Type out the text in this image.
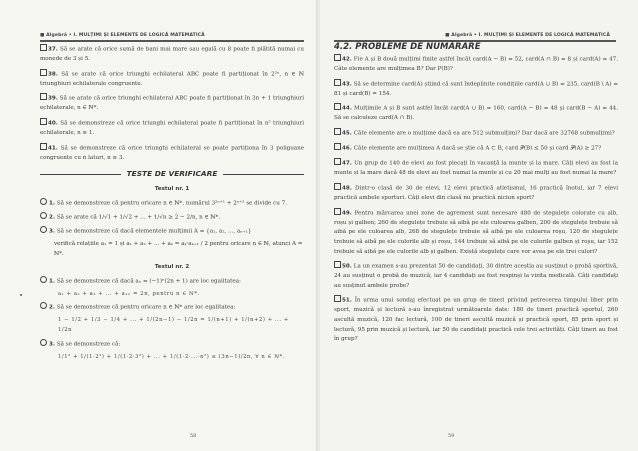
■ Algebră • I. MULȚIMI ȘI ELEMENTE DE LOGICĂ MATEMATICĂ

37. Să se arate că orice sumă de bani mai mare sau egală cu 8 poate fi plătită numai cu monede de 3 și 5.

38. Să se arate că orice triunghi echilateral ABC poate fi partiționat în 2²ⁿ, n ∈ ℕ triunghiuri echilaterale congruente.

39. Să se arate că orice triunghi echilateral ABC poate fi partiționat în 3n + 1 triunghiuri echilaterale, n ∈ ℕ*.

40. Să se demonstreze că orice triunghi echilateral poate fi partiționat în n² triunghiuri echilaterale, n ≥ 1.

41. Să se demonstreze că orice triunghi echilateral se poate partiționa în 3 poligoane congruente cu n laturi, n ≥ 3.

TESTE DE VERIFICARE
Testul nr. 1

1. Să se demonstreze că pentru oricare n ∈ ℕ*, numărul 3²ⁿ⁺¹ + 2ⁿ⁺² se divide cu 7.

2. Să se arate că 1/√1 + 1/√2 + ... + 1/√n ≥ 2 − 2/n, n ∈ ℕ*.

3. Să se demonstreze că dacă elementele mulțimii A = {a₁, a₂, ..., aₙ₊₁}

verifică relațiile a₁ = 1 și a₁ + a₂ + ... + aₖ = aₖ·aₖ₊₁ / 2 pentru oricare n ∈ ℕ, atunci A = ℕ*.

Testul nr. 2

1. Să se demonstreze că dacă aₙ = (−1)ⁿ(2n + 1) are loc egalitatea:

a₁ + a₂ + a₃ + ... + a₂ₙ = 2n, pentru n ∈ ℕ*.

2. Să se demonstreze că pentru oricare n ∈ ℕ* are loc egalitatea:

1 − 1/2 + 1/3 − 1/4 + ... + 1/(2n−1) − 1/2n = 1/(n+1) + 1/(n+2) + ... + 1/2n

3. Să se demonstreze că:

1/1² + 1/(1·2²) + 1/(1·2·3²) + ... + 1/(1·2·...·n²) ≤ (3n−1)/2n, ∀ n ∈ ℕ*.

58
■ Algebră • I. MULȚIMI ȘI ELEMENTE DE LOGICĂ MATEMATICĂ
4.2. PROBLEME DE NUMĂRARE

42. Fie A și B două mulțimi finite astfel încât card(A − B) = 52, card(A ∩ B) = 8 și card(A) = 47. Câte elemente are mulțimea B? Dar P(B)?

43. Să se determine card(A) știind că sunt îndeplinite condițiile card(A ∪ B) = 235, card(B \ A) = 81 și card(B) = 154.

44. Mulțimile A și B sunt astfel încât card(A ∪ B) = 160, card(A − B) = 48 și card(B − A) = 44. Să se calculeze card(A ∩ B).

45. Câte elemente are o mulțime dacă ea are 512 submulțimi? Dar dacă are 32768 submulțimi?

46. Câte elemente are mulțimea A dacă se știe că A ⊂ B, card 𝒫(B) ≤ 50 și card 𝒫(A) ≥ 27?

47. Un grup de 140 de elevi au fost plecați în vacanță la munte și la mare. Câți elevi au fost la munte și la mare dacă 48 de elevi au fost numai la munte și cu 20 mai mulți au fost numai la mare?

48. Dintr-o clasă de 30 de elevi, 12 elevi practică atletismul, 16 practică înotul, iar 7 elevi practică ambele sporturi. Câți elevi din clasă nu practică niciun sport?

49. Pentru mărcarea unei zone de agrement sunt necesare 480 de stegulețe colorate cu alb, roșu și galben; 260 de stegulețe trebuie să aibă pe ele culoarea galben, 200 de stegulețe trebuie să aibă pe ele culoarea alb, 268 de stegulețe trebuie să aibă pe ele culoarea roșu, 120 de stegulețe trebuie să aibă pe ele culorile alb și roșu, 144 trebuie să aibă pe ele culorile galben și roșu, iar 152 trebuie să aibă pe ele culorile alb și galben. Există stegulețe care vor avea pe ele trei culori?

50. La un examen s-au prezentat 50 de candidați, 30 dintre aceștia au susținut o probă sportivă, 24 au susținut o probă de muzică, iar 4 candidați au fost respinși la vizita medicală. Câți candidați au susținut ambele probe?

51. În urma unui sondaj efectuat pe un grup de tineri privind petrecerea timpului liber prin sport, muzică și lectură s-au înregistrat următoarele date: 180 de tineri practică sportul, 260 ascultă muzică, 120 fac lectură, 100 de tineri ascultă muzică și practică sport, 85 prin sport și lectură, 95 prin muzică și lectură, iar 50 de candidați practică cele trei activități. Câți tineri au fost în grup?

59
